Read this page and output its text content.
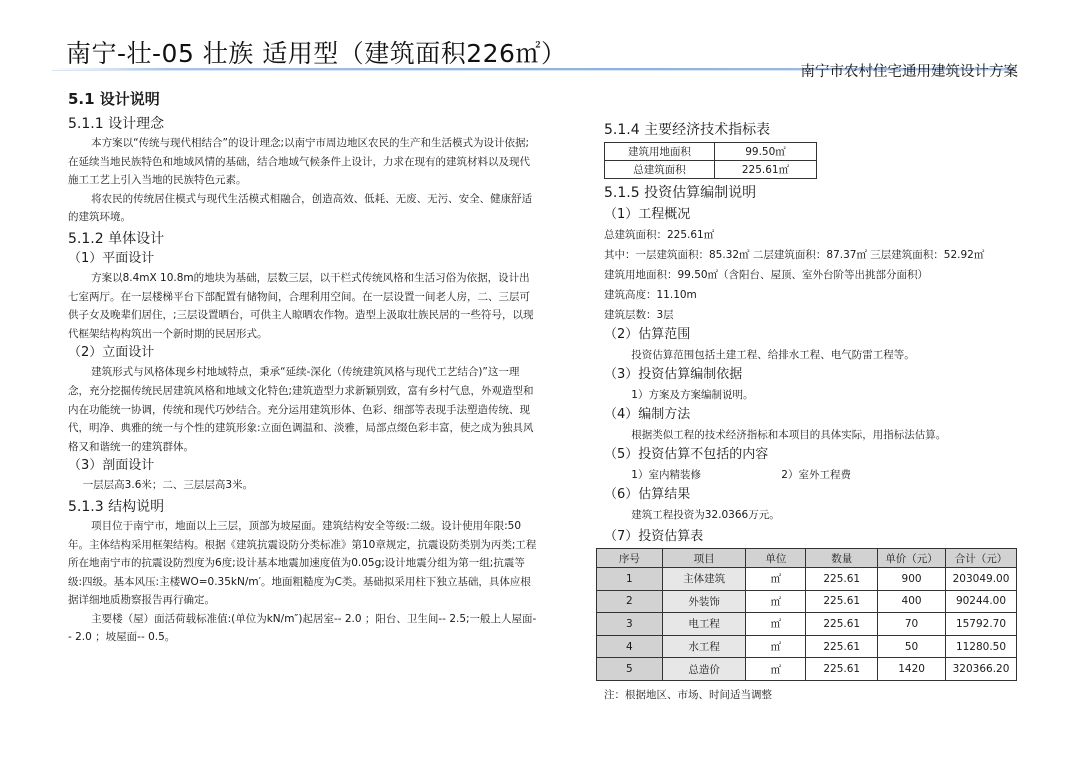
南宁-壮-05 壮族 适用型（建筑面积226㎡）
南宁市农村住宅通用建筑设计方案
5.1 设计说明
5.1.1 设计理念
本方案以“传统与现代相结合”的设计理念;以南宁市周边地区农民的生产和生活模式为设计依据;在延续当地民族特色和地域风情的基础，结合地域气候条件上设计，力求在现有的建筑材料以及现代施工工艺上引入当地的民族特色元素。
将农民的传统居住模式与现代生活模式相融合，创造高效、低耗、无废、无污、安全、健康舒适的建筑环境。
5.1.2 单体设计
（1）平面设计
方案以8.4mX 10.8m的地块为基础，层数三层，以干栏式传统风格和生活习俗为依据，设计出七室两厅。在一层楼梯平台下部配置有储物间，合理利用空间。在一层设置一间老人房，二、三层可供子女及晚辈们居住，;三层设置晒台，可供主人晾晒农作物。造型上汲取壮族民居的一些符号，以现代框架结构构筑出一个新时期的民居形式。
（2）立面设计
建筑形式与风格体现乡村地域特点，秉承“延续-深化（传统建筑风格与现代工艺结合)”这一理念，充分挖掘传统民居建筑风格和地域文化特色;建筑造型力求新颖别致，富有乡村气息，外观造型和内在功能统一协调，传统和现代巧妙结合。充分运用建筑形体、色彩、细部等表现手法塑造传统、现代，明净、典雅的统一与个性的建筑形象:立面色调温和、淡雅，局部点缀色彩丰富，使之成为独具风格又和谐统一的建筑群体。
（3）剖面设计
一层层高3.6米；二、三层层高3米。
5.1.3 结构说明
项目位于南宁市，地面以上三层，顶部为坡屋面。建筑结构安全等级:二级。设计使用年限:50年。主体结构采用框架结构。根据《建筑抗震设防分类标准》第10章规定，抗震设防类别为丙类;工程所在地南宁市的抗震设防烈度为6度;设计基本地震加速度值为0.05g;设计地震分组为第一组;抗震等级:四级。基本风压:主楼WO=0.35kN/m′。地面粗糙度为C类。基础拟采用柱下独立基础，具体应根据详细地质勘察报告再行确定。
主要楼（屋）面活荷载标准值:(单位为kN/m″)起居室-- 2.0 ；阳台、卫生间-- 2.5;一般上人屋面-- 2.0 ；坡屋面-- 0.5。
5.1.4 主要经济技术指标表
建筑用地面积	99.50㎡
总建筑面积	225.61㎡
5.1.5 投资估算编制说明
（1）工程概况
总建筑面积：225.61㎡
其中：一层建筑面积：85.32㎡ 二层建筑面积：87.37㎡ 三层建筑面积：52.92㎡
建筑用地面积：99.50㎡（含阳台、屋顶、室外台阶等出挑部分面积）
建筑高度：11.10m
建筑层数：3层
（2）估算范围
投资估算范围包括土建工程、给排水工程、电气防雷工程等。
（3）投资估算编制依据
1）方案及方案编制说明。
（4）编制方法
根据类似工程的技术经济指标和本项目的具体实际，用指标法估算。
（5）投资估算不包括的内容
1）室内精装修	2）室外工程费
（6）估算结果
建筑工程投资为32.0366万元。
（7）投资估算表
序号	项目	单位	数量	单价（元）	合计（元）
1	主体建筑	㎡	225.61	900	203049.00
2	外装饰	㎡	225.61	400	90244.00
3	电工程	㎡	225.61	70	15792.70
4	水工程	㎡	225.61	50	11280.50
5	总造价	㎡	225.61	1420	320366.20
注：根据地区、市场、时间适当调整
